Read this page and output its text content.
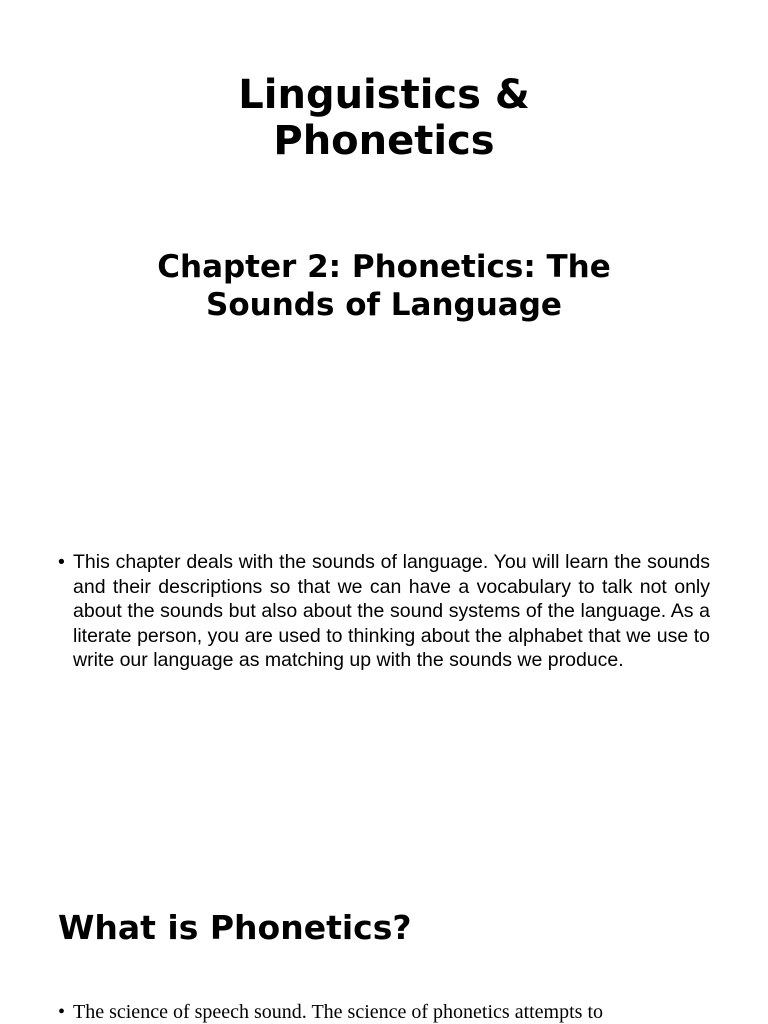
Linguistics &
Phonetics
Chapter 2: Phonetics: The
Sounds of Language
• This chapter deals with the sounds of language. You will learn the sounds and their descriptions so that we can have a vocabulary to talk not only about the sounds but also about the sound systems of the language. As a literate person, you are used to thinking about the alphabet that we use to write our language as matching up with the sounds we produce.
What is Phonetics?
• The science of speech sound. The science of phonetics attempts to
